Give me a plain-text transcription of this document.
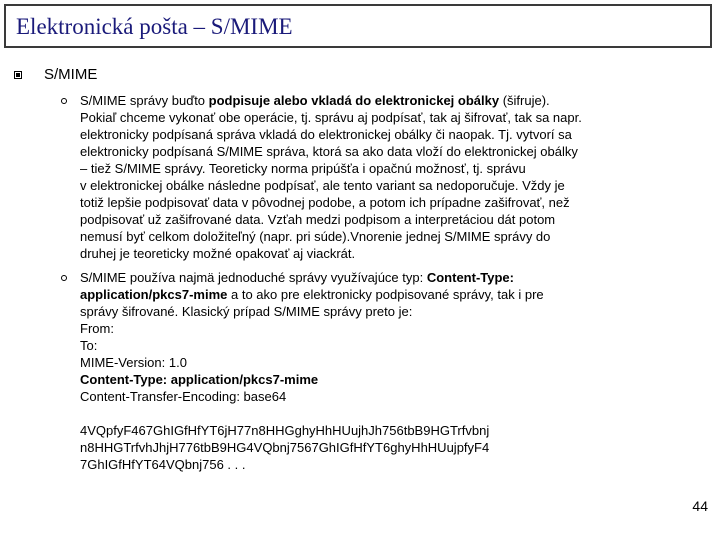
Elektronická pošta – S/MIME
S/MIME
S/MIME správy buďto podpisuje alebo vkladá do elektronickej obálky (šifruje).
Pokiaľ chceme vykonať obe operácie, tj. správu aj podpísať, tak aj šifrovať, tak sa napr.
elektronicky podpísaná správa vkladá do elektronickej obálky či naopak. Tj. vytvorí sa
elektronicky podpísaná S/MIME správa, ktorá sa ako data vloží do elektronickej obálky
– tiež S/MIME správy. Teoreticky norma pripúšťa i opačnú možnosť, tj. správu
v elektronickej obálke následne podpísať, ale tento variant sa nedoporučuje. Vždy je
totiž lepšie podpisovať data v pôvodnej podobe, a potom ich prípadne zašifrovať, než
podpisovať už zašifrované data. Vzťah medzi podpisom a interpretáciou dát potom
nemusí byť celkom doložiteľný (napr. pri súde).Vnorenie jednej S/MIME správy do
druhej je teoreticky možné opakovať aj viackrát.
S/MIME používa najmä jednoduché správy využívajúce typ: Content-Type:
application/pkcs7-mime a to ako pre elektronicky podpisované správy, tak i pre
správy šifrované. Klasický prípad S/MIME správy preto je:
From:
To:
MIME-Version: 1.0
Content-Type: application/pkcs7-mime
Content-Transfer-Encoding: base64

4VQpfyF467GhIGfHfYT6jH77n8HHGghyHhHUujhJh756tbB9HGTrfvbnj
n8HHGTrfvhJhjH776tbB9HG4VQbnj7567GhIGfHfYT6ghyHhHUujpfyF4
7GhIGfHfYT64VQbnj756 . . .
44
